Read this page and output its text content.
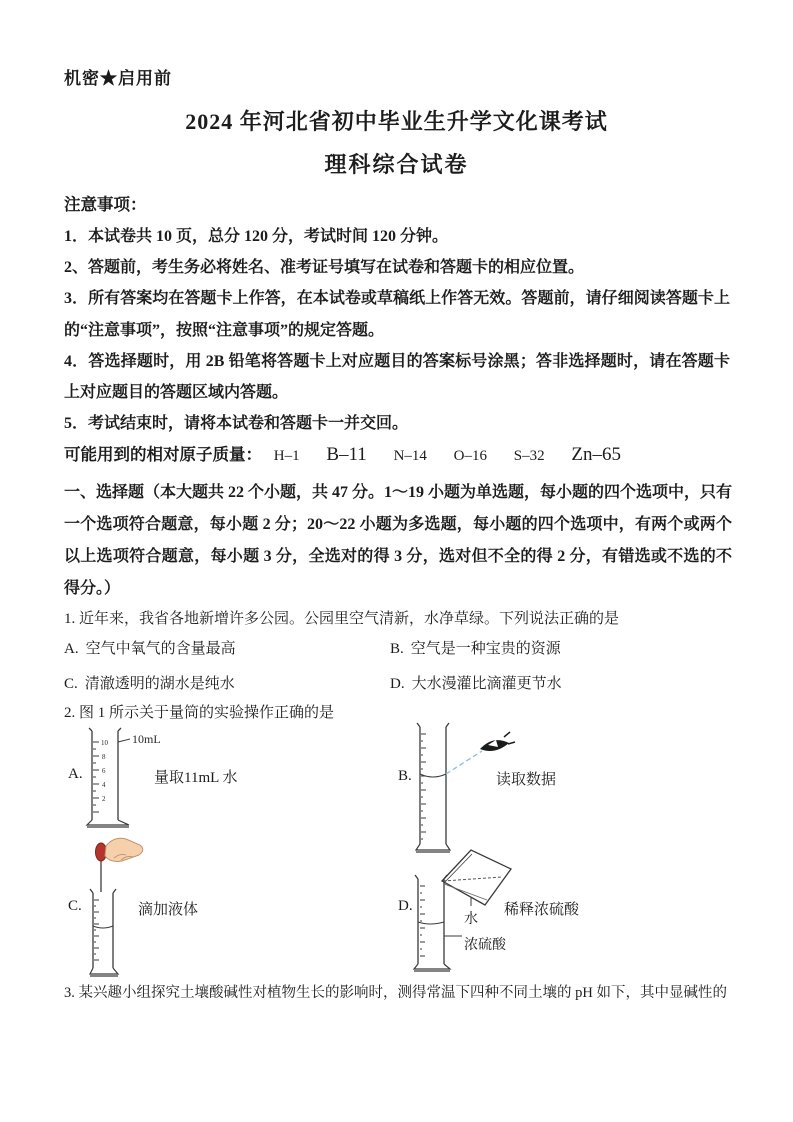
机密★启用前
2024 年河北省初中毕业生升学文化课考试
理科综合试卷
注意事项：

1．本试卷共 10 页，总分 120 分，考试时间 120 分钟。

2、答题前，考生务必将姓名、准考证号填写在试卷和答题卡的相应位置。

3．所有答案均在答题卡上作答，在本试卷或草稿纸上作答无效。答题前，请仔细阅读答题卡上的“注意事项”，按照“注意事项”的规定答题。

4．答选择题时，用 2B 铅笔将答题卡上对应题目的答案标号涂黑；答非选择题时，请在答题卡上对应题目的答题区域内答题。

5．考试结束时，请将本试卷和答题卡一并交回。

可能用到的相对原子质量： H–1 B–11 N–14 O–16 S–32 Zn–65
一、选择题（本大题共 22 个小题，共 47 分。1～19 小题为单选题，每小题的四个选项中，只有一个选项符合题意，每小题 2 分；20～22 小题为多选题，每小题的四个选项中，有两个或两个以上选项符合题意，每小题 3 分，全选对的得 3 分，选对但不全的得 2 分，有错选或不选的不得分。）
1. 近年来，我省各地新增许多公园。公园里空气清新，水净草绿。下列说法正确的是
A. 空气中氧气的含量最高	B. 空气是一种宝贵的资源
C. 清澈透明的湖水是纯水	D. 大水漫灌比滴灌更节水
2. 图 1 所示关于量筒的实验操作正确的是
A.
10
8
6
4
2
10mL
量取11mL 水	B.	读取数据
C.	滴加液体	D.
水
浓硫酸
稀释浓硫酸
3. 某兴趣小组探究土壤酸碱性对植物生长的影响时，测得常温下四种不同土壤的 pH 如下，其中显碱性的
